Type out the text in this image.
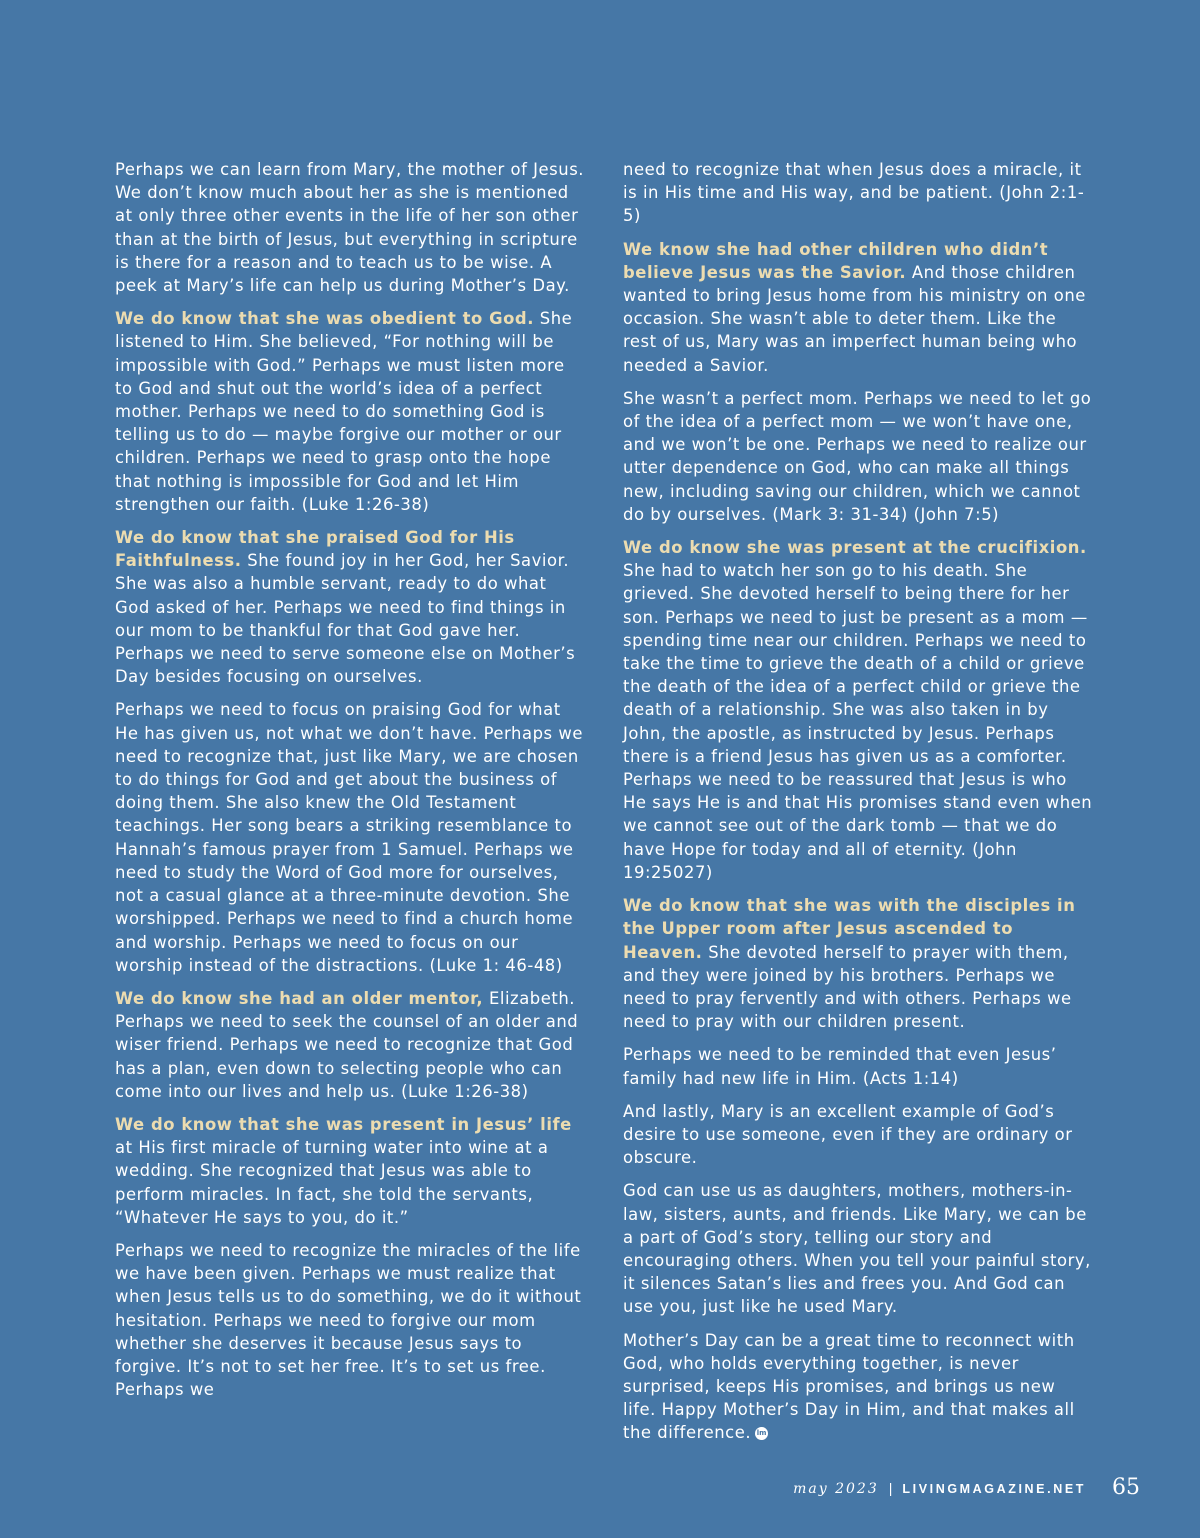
Perhaps we can learn from Mary, the mother of Jesus. We don’t know much about her as she is mentioned at only three other events in the life of her son other than at the birth of Jesus, but everything in scripture is there for a reason and to teach us to be wise. A peek at Mary’s life can help us during Mother’s Day.

We do know that she was obedient to God. She listened to Him. She believed, “For nothing will be impossible with God.” Perhaps we must listen more to God and shut out the world’s idea of a perfect mother. Perhaps we need to do something God is telling us to do — maybe forgive our mother or our children. Perhaps we need to grasp onto the hope that nothing is impossible for God and let Him strengthen our faith. (Luke 1:26-38)

We do know that she praised God for His Faithfulness. She found joy in her God, her Savior. She was also a humble servant, ready to do what God asked of her. Perhaps we need to find things in our mom to be thankful for that God gave her. Perhaps we need to serve someone else on Mother’s Day besides focusing on ourselves.

Perhaps we need to focus on praising God for what He has given us, not what we don’t have. Perhaps we need to recognize that, just like Mary, we are chosen to do things for God and get about the business of doing them. She also knew the Old Testament teachings. Her song bears a striking resemblance to Hannah’s famous prayer from 1 Samuel. Perhaps we need to study the Word of God more for ourselves, not a casual glance at a three-minute devotion. She worshipped. Perhaps we need to find a church home and worship. Perhaps we need to focus on our worship instead of the distractions. (Luke 1: 46-48)

We do know she had an older mentor, Elizabeth. Perhaps we need to seek the counsel of an older and wiser friend. Perhaps we need to recognize that God has a plan, even down to selecting people who can come into our lives and help us. (Luke 1:26-38)

We do know that she was present in Jesus’ life at His first miracle of turning water into wine at a wedding. She recognized that Jesus was able to perform miracles. In fact, she told the servants, “Whatever He says to you, do it.”

Perhaps we need to recognize the miracles of the life we have been given. Perhaps we must realize that when Jesus tells us to do something, we do it without hesitation. Perhaps we need to forgive our mom whether she deserves it because Jesus says to forgive. It’s not to set her free. It’s to set us free. Perhaps we

need to recognize that when Jesus does a miracle, it is in His time and His way, and be patient. (John 2:1-5)

We know she had other children who didn’t believe Jesus was the Savior. And those children wanted to bring Jesus home from his ministry on one occasion. She wasn’t able to deter them. Like the rest of us, Mary was an imperfect human being who needed a Savior.

She wasn’t a perfect mom. Perhaps we need to let go of the idea of a perfect mom — we won’t have one, and we won’t be one. Perhaps we need to realize our utter dependence on God, who can make all things new, including saving our children, which we cannot do by ourselves. (Mark 3: 31-34) (John 7:5)

We do know she was present at the crucifixion. She had to watch her son go to his death. She grieved. She devoted herself to being there for her son. Perhaps we need to just be present as a mom — spending time near our children. Perhaps we need to take the time to grieve the death of a child or grieve the death of the idea of a perfect child or grieve the death of a relationship. She was also taken in by John, the apostle, as instructed by Jesus. Perhaps there is a friend Jesus has given us as a comforter. Perhaps we need to be reassured that Jesus is who He says He is and that His promises stand even when we cannot see out of the dark tomb — that we do have Hope for today and all of eternity. (John 19:25027)

We do know that she was with the disciples in the Upper room after Jesus ascended to Heaven. She devoted herself to prayer with them, and they were joined by his brothers. Perhaps we need to pray fervently and with others. Perhaps we need to pray with our children present.

Perhaps we need to be reminded that even Jesus’ family had new life in Him. (Acts 1:14)

And lastly, Mary is an excellent example of God’s desire to use someone, even if they are ordinary or obscure.

God can use us as daughters, mothers, mothers-in-law, sisters, aunts, and friends. Like Mary, we can be a part of God’s story, telling our story and encouraging others. When you tell your painful story, it silences Satan’s lies and frees you. And God can use you, just like he used Mary.

Mother’s Day can be a great time to reconnect with God, who holds everything together, is never surprised, keeps His promises, and brings us new life. Happy Mother’s Day in Him, and that makes all the difference. lm

may 2023 | LIVINGMAGAZINE.NET 65
